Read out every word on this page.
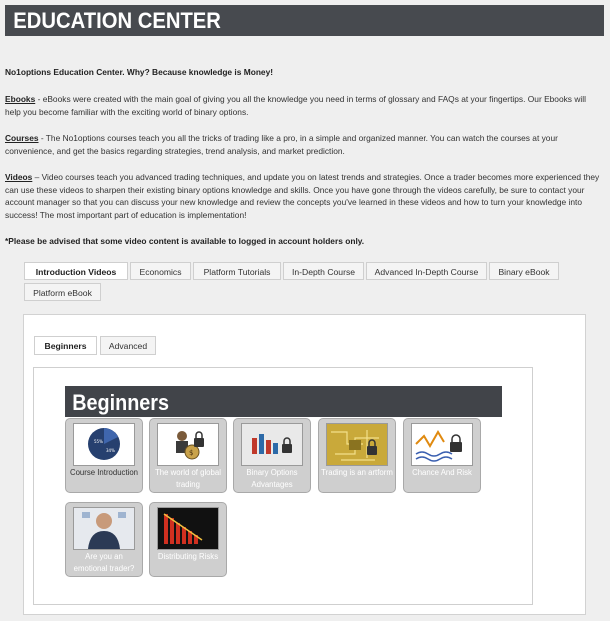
EDUCATION CENTER

No1options Education Center. Why? Because knowledge is Money!

Ebooks - eBooks were created with the main goal of giving you all the knowledge you need in terms of glossary and FAQs at your fingertips. Our Ebooks will help you become familiar with the exciting world of binary options.

Courses - The No1options courses teach you all the tricks of trading like a pro, in a simple and organized manner. You can watch the courses at your convenience, and get the basics regarding strategies, trend analysis, and market prediction.

Videos – Video courses teach you advanced trading techniques, and update you on latest trends and strategies. Once a trader becomes more experienced they can use these videos to sharpen their existing binary options knowledge and skills. Once you have gone through the videos carefully, be sure to contact your account manager so that you can discuss your new knowledge and review the concepts you've learned in these videos and how to turn your knowledge into success! The most important part of education is implementation!

*Please be advised that some video content is available to logged in account holders only.

Introduction Videos	Economics	Platform Tutorials	In-Depth Course	Advanced In-Depth Course	Binary eBook
Platform eBook
Beginners	Advanced
Beginners
55%
34%
Course Introduction
$
The world of global trading
Binary Options Advantages
Trading is an artform	Chance And Risk
Are you an emotional trader?
Distributing Risks
